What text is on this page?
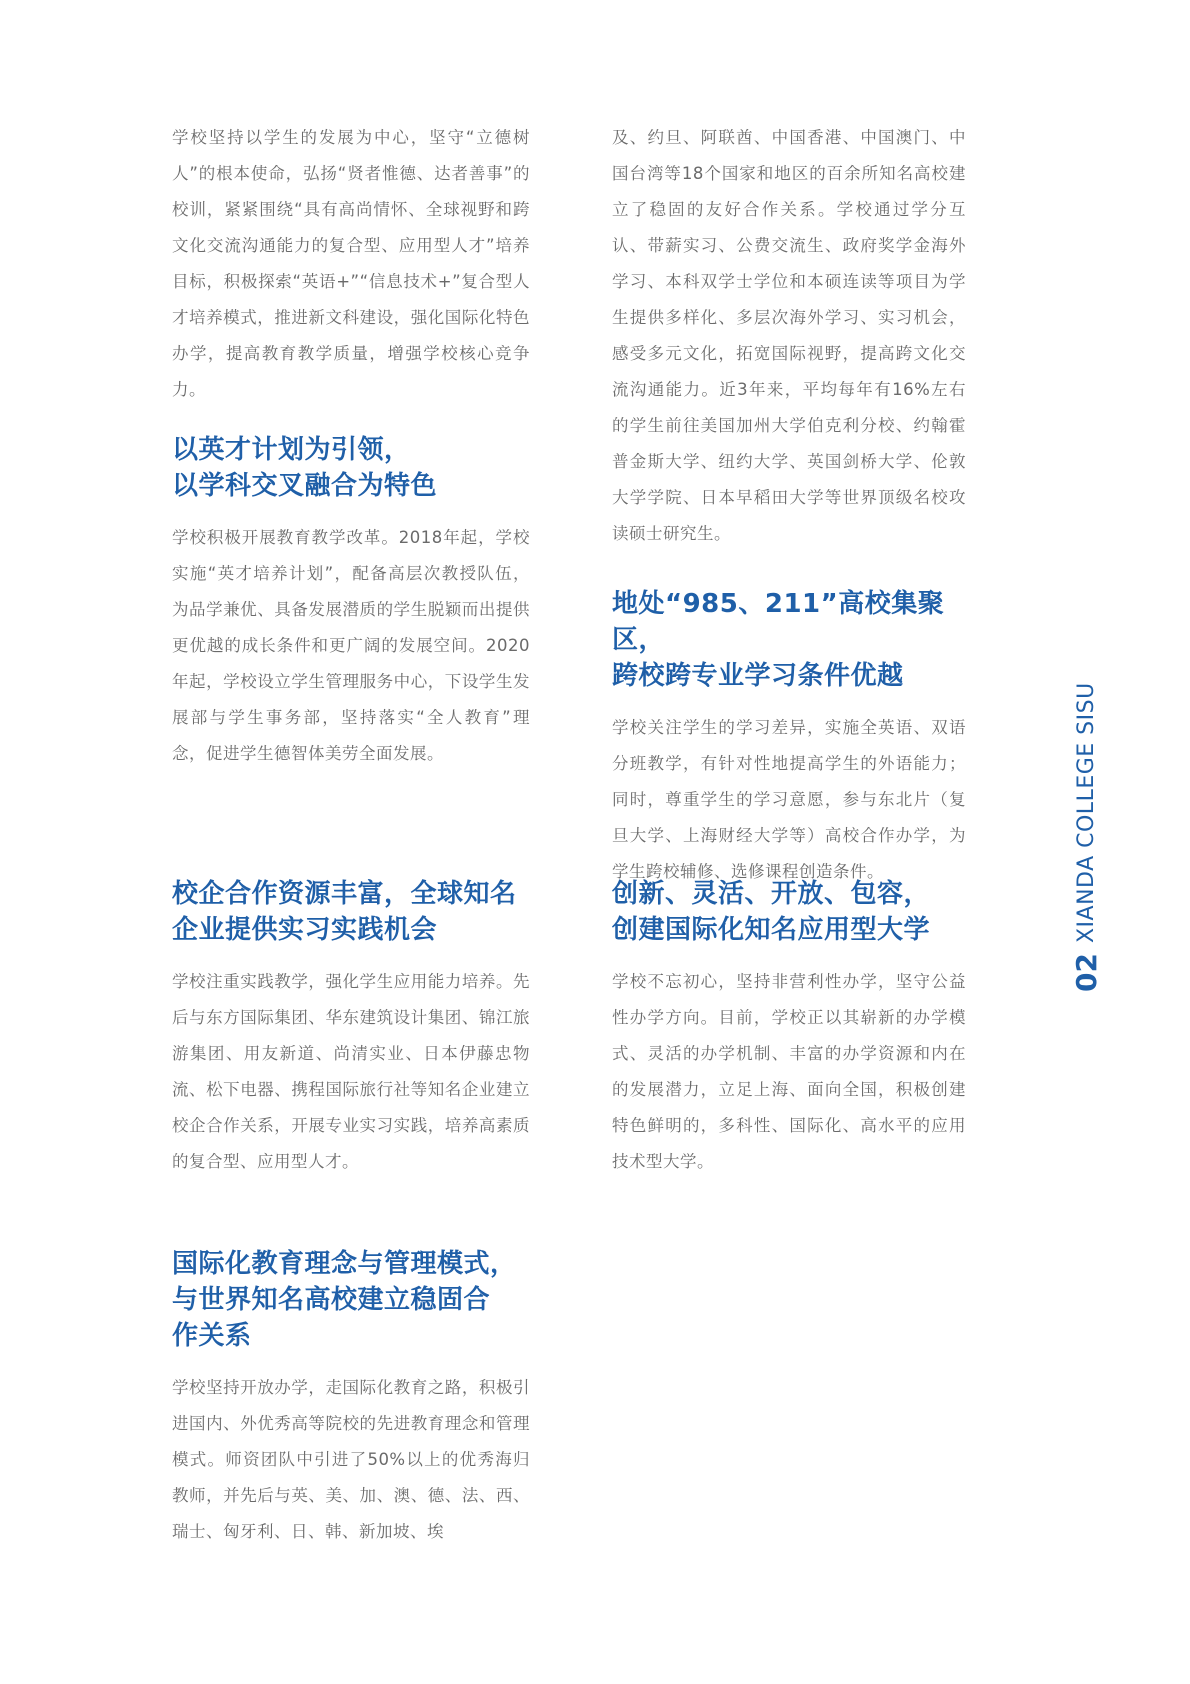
学校坚持以学生的发展为中心，坚守“立德树人”的根本使命，弘扬“贤者惟德、达者善事”的校训，紧紧围绕“具有高尚情怀、全球视野和跨文化交流沟通能力的复合型、应用型人才”培养目标，积极探索“英语+”“信息技术+”复合型人才培养模式，推进新文科建设，强化国际化特色办学，提高教育教学质量，增强学校核心竞争力。

以英才计划为引领，
以学科交叉融合为特色

学校积极开展教育教学改革。2018年起，学校实施“英才培养计划”，配备高层次教授队伍，为品学兼优、具备发展潜质的学生脱颖而出提供更优越的成长条件和更广阔的发展空间。2020年起，学校设立学生管理服务中心，下设学生发展部与学生事务部，坚持落实“全人教育”理念，促进学生德智体美劳全面发展。

校企合作资源丰富，全球知名
企业提供实习实践机会

学校注重实践教学，强化学生应用能力培养。先后与东方国际集团、华东建筑设计集团、锦江旅游集团、用友新道、尚清实业、日本伊藤忠物流、松下电器、携程国际旅行社等知名企业建立校企合作关系，开展专业实习实践，培养高素质的复合型、应用型人才。

国际化教育理念与管理模式，
与世界知名高校建立稳固合
作关系

学校坚持开放办学，走国际化教育之路，积极引进国内、外优秀高等院校的先进教育理念和管理模式。师资团队中引进了50%以上的优秀海归教师，并先后与英、美、加、澳、德、法、西、瑞士、匈牙利、日、韩、新加坡、埃

及、约旦、阿联酋、中国香港、中国澳门、中国台湾等18个国家和地区的百余所知名高校建立了稳固的友好合作关系。学校通过学分互认、带薪实习、公费交流生、政府奖学金海外学习、本科双学士学位和本硕连读等项目为学生提供多样化、多层次海外学习、实习机会，感受多元文化，拓宽国际视野，提高跨文化交流沟通能力。近3年来，平均每年有16%左右的学生前往美国加州大学伯克利分校、约翰霍普金斯大学、纽约大学、英国剑桥大学、伦敦大学学院、日本早稻田大学等世界顶级名校攻读硕士研究生。

地处“985、211”高校集聚区，
跨校跨专业学习条件优越

学校关注学生的学习差异，实施全英语、双语分班教学，有针对性地提高学生的外语能力；同时，尊重学生的学习意愿，参与东北片（复旦大学、上海财经大学等）高校合作办学，为学生跨校辅修、选修课程创造条件。

创新、灵活、开放、包容，
创建国际化知名应用型大学

学校不忘初心，坚持非营利性办学，坚守公益性办学方向。目前，学校正以其崭新的办学模式、灵活的办学机制、丰富的办学资源和内在的发展潜力，立足上海、面向全国，积极创建特色鲜明的，多科性、国际化、高水平的应用技术型大学。

02
XIANDA COLLEGE SISU
